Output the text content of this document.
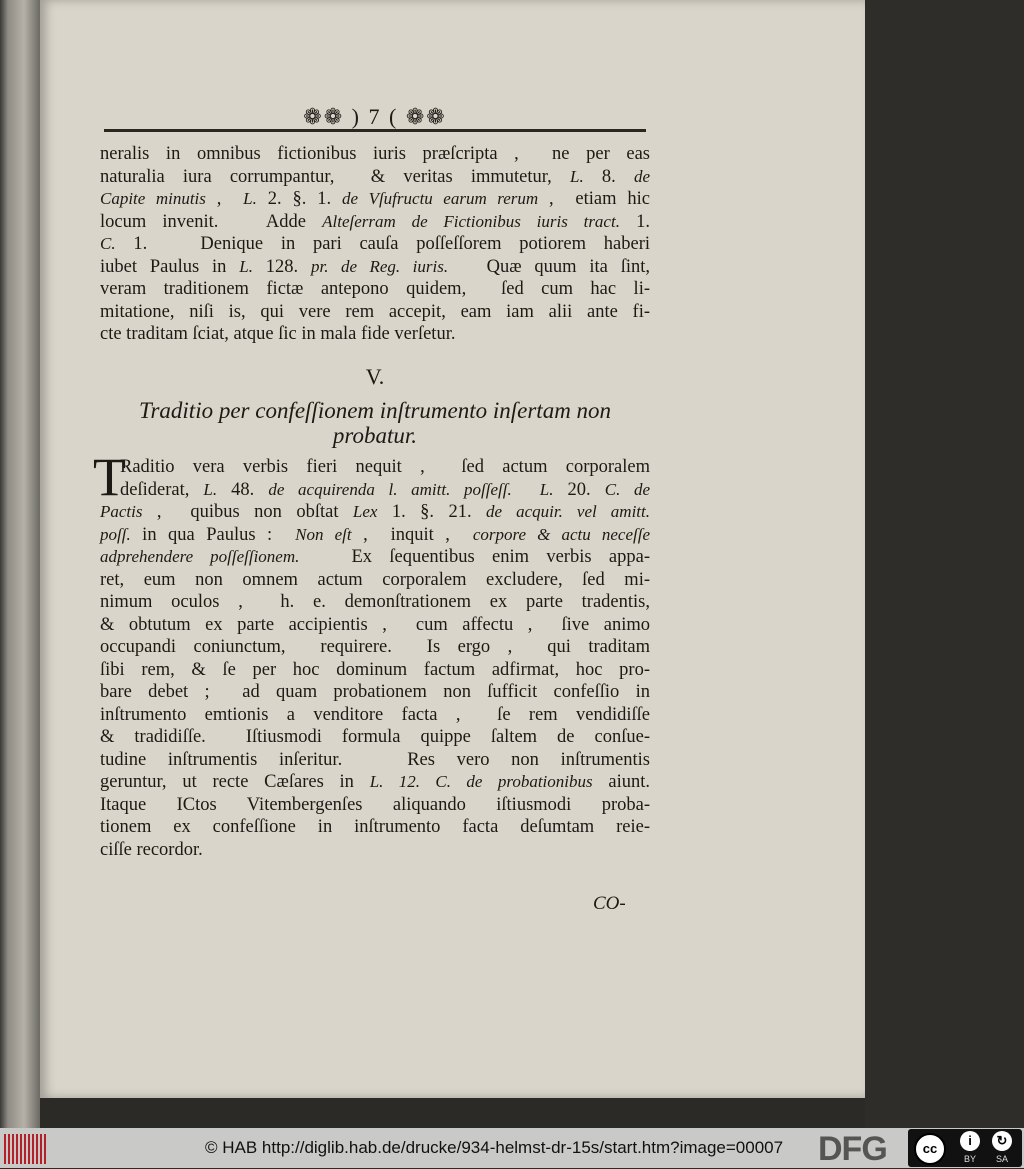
❁❁ ) 7 ( ❁❁
neralis in omnibus fictionibus iuris præſcripta ,  ne per eas
naturalia iura corrumpantur,  & veritas immutetur, L. 8. de
Capite minutis ,  L. 2. §. 1. de Vſufructu earum rerum ,  etiam hic
locum invenit.   Adde Alteſerram de Fictionibus iuris tract. 1.
C. 1.   Denique in pari cauſa poſſeſſorem potiorem haberi
iubet Paulus in L. 128. pr. de Reg. iuris.   Quæ quum ita ſint,
veram traditionem fictæ antepono quidem,  ſed cum hac li-
mitatione, niſi is, qui vere rem accepit, eam iam alii ante fi-
cte traditam ſciat, atque ſic in mala fide verſetur.
V.
Traditio per confeſſionem inſtrumento inſertam non
probatur.
T
Raditio vera verbis fieri nequit ,  ſed actum corporalem
deſiderat, L. 48. de acquirenda l. amitt. poſſeſſ. L. 20. C. de
Pactis ,  quibus non obſtat Lex 1. §. 21. de acquir. vel amitt.
poſſ. in qua Paulus :  Non eſt ,  inquit ,  corpore & actu neceſſe
adprehendere poſſeſſionem.   Ex ſequentibus enim verbis appa-
ret, eum non omnem actum corporalem excludere, ſed mi-
nimum oculos ,  h. e. demonſtrationem ex parte tradentis,
& obtutum ex parte accipientis ,  cum affectu ,  ſive animo
occupandi coniunctum,  requirere.  Is ergo ,  qui traditam
ſibi rem, & ſe per hoc dominum factum adfirmat, hoc pro-
bare debet ;  ad quam probationem non ſufficit confeſſio in
inſtrumento emtionis a venditore facta ,  ſe rem vendidiſſe
& tradidiſſe.  Iſtiusmodi formula quippe ſaltem de conſue-
tudine inſtrumentis inſeritur.   Res vero non inſtrumentis
geruntur, ut recte Cæſares in L. 12. C. de probationibus aiunt.
Itaque ICtos Vitembergenſes aliquando iſtiusmodi proba-
tionem ex confeſſione in inſtrumento facta deſumtam reie-
ciſſe recordor.
CO-
© HAB http://diglib.hab.de/drucke/934-helmst-dr-15s/start.htm?image=00007 DFG	cc
i	↻
BY SA
